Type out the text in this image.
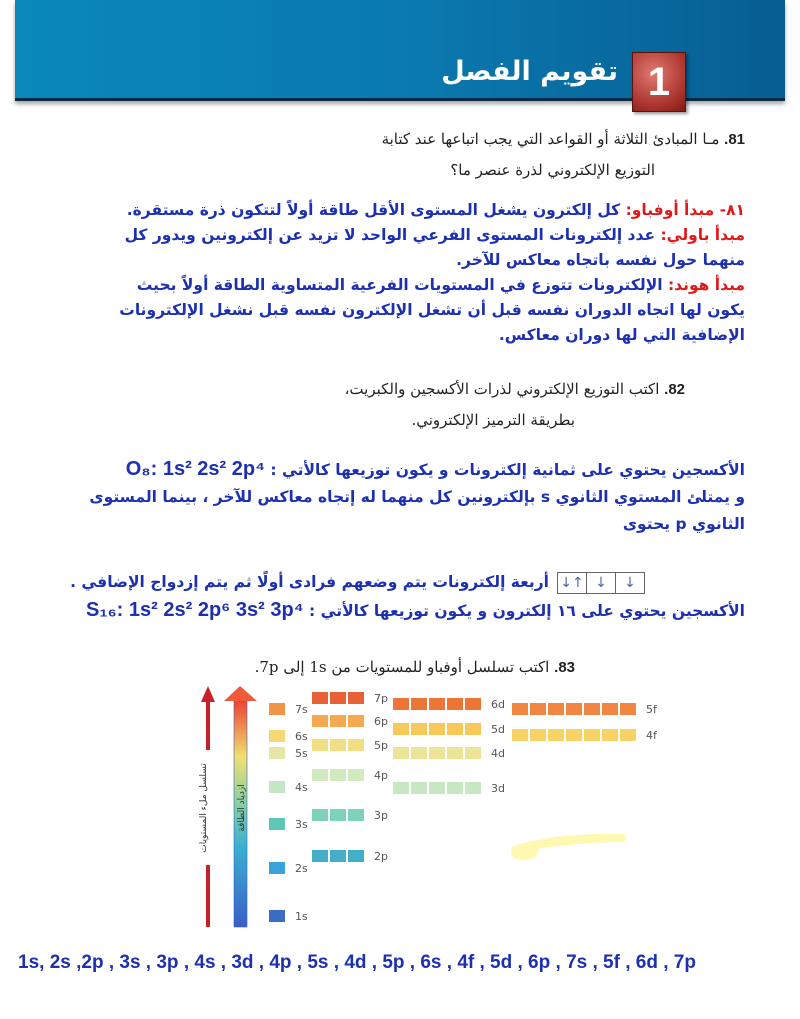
1
تقويم الفصل
81. مـا المبادئ الثلاثة أو القواعد التي يجب اتباعها عند كتابة
التوزيع الإلكتروني لذرة عنصر ما؟
٨١- مبدأ أوفباو: كل إلكترون يشغل المستوى الأقل طاقة أولاً لتتكون ذرة مستقرة.
مبدأ باولي: عدد إلكترونات المستوى الفرعي الواحد لا تزيد عن إلكترونين ويدور كل منهما حول نفسه باتجاه معاكس للآخر.
مبدأ هوند: الإلكترونات تتوزع في المستويات الفرعية المتساوية الطاقة أولاً بحيث يكون لها اتجاه الدوران نفسه قبل أن تشغل الإلكترون نفسه قبل نشغل الإلكترونات الإضافية التي لها دوران معاكس.
82. اكتب التوزيع الإلكتروني لذرات الأكسجين والكبريت،
بطريقة الترميز الإلكتروني.
الأكسجين يحتوي على ثمانية إلكترونات و يكون توزيعها كالأتي : O₈: 1s² 2s² 2p⁴
و يمتلئ المستوي الثانوي s بإلكترونين كل منهما له إتجاه معاكس للآخر ، بينما المستوى الثانوي p يحتوى
↓↑ ↓	↓
أربعة إلكترونات يتم وضعهم فرادى أولًا ثم يتم إزدواج الإضافي .
الأكسجين يحتوي على ١٦ إلكترون و يكون توزيعها كالأتي : S₁₆: 1s² 2s² 2p⁶ 3s² 3p⁴
83. اكتب تسلسل أوفباو للمستويات من 1s إلى 7p.
تسلسل ملء المستويات	ازدياد الطاقة
1s
2s
2p
3s
3p
4s	3d
4p
5s	4d
5p
6s	4f
5d
6p
7s	5f
6d
7p
1s, 2s ,2p , 3s , 3p , 4s , 3d , 4p , 5s , 4d , 5p , 6s , 4f , 5d , 6p , 7s , 5f , 6d , 7p
